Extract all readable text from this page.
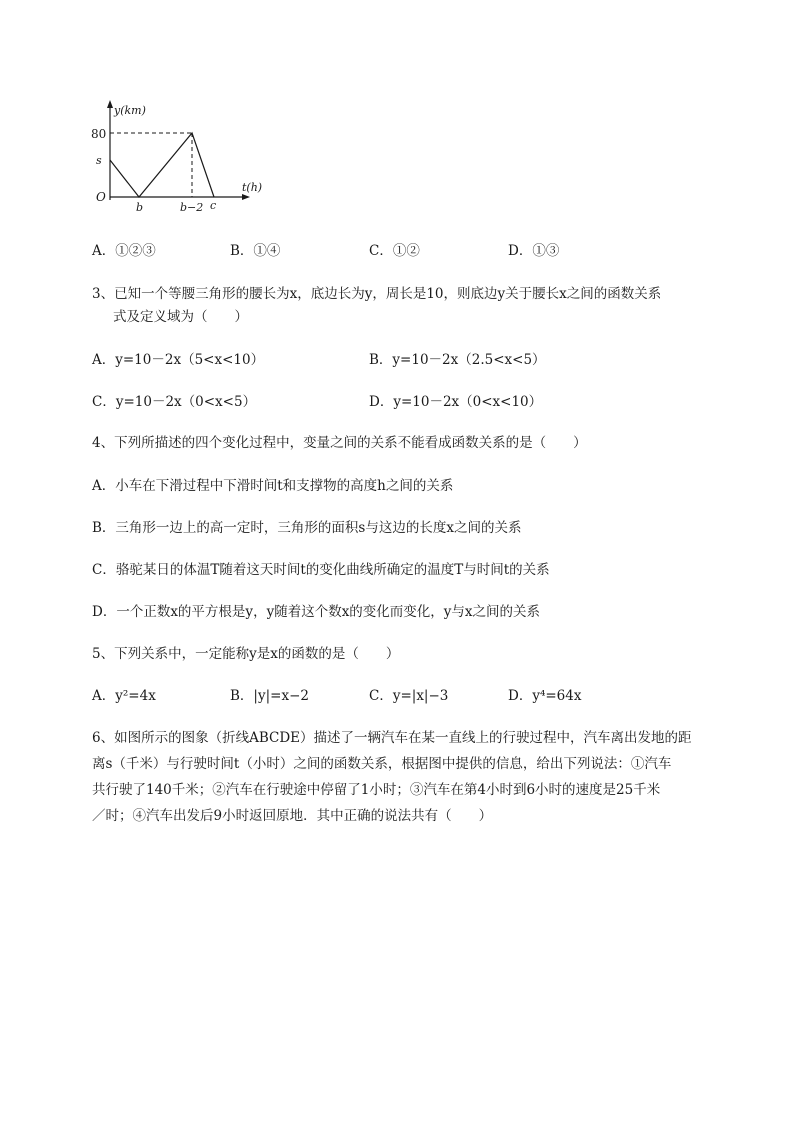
y(km)
t(h)
80
s
O
b	b−2 c
A．①②③	B．①④	C．①②	D．①③
3、已知一个等腰三角形的腰长为x，底边长为y，周长是10，则底边y关于腰长x之间的函数关系
式及定义域为（　　）
A．y=10－2x（5<x<10）	B．y=10－2x（2.5<x<5）
C．y=10－2x（0<x<5）	D．y=10－2x（0<x<10）
4、下列所描述的四个变化过程中，变量之间的关系不能看成函数关系的是（　　）
A．小车在下滑过程中下滑时间t和支撑物的高度h之间的关系
B．三角形一边上的高一定时，三角形的面积s与这边的长度x之间的关系
C．骆驼某日的体温T随着这天时间t的变化曲线所确定的温度T与时间t的关系
D．一个正数x的平方根是y，y随着这个数x的变化而变化，y与x之间的关系
5、下列关系中，一定能称y是x的函数的是（　　）
A．y²=4x	B．|y|=x−2	C．y=|x|−3	D．y⁴=64x
6、如图所示的图象（折线ABCDE）描述了一辆汽车在某一直线上的行驶过程中，汽车离出发地的距
离s（千米）与行驶时间t（小时）之间的函数关系，根据图中提供的信息，给出下列说法：①汽车
共行驶了140千米；②汽车在行驶途中停留了1小时；③汽车在第4小时到6小时的速度是25千米
／时；④汽车出发后9小时返回原地．其中正确的说法共有（　　）
